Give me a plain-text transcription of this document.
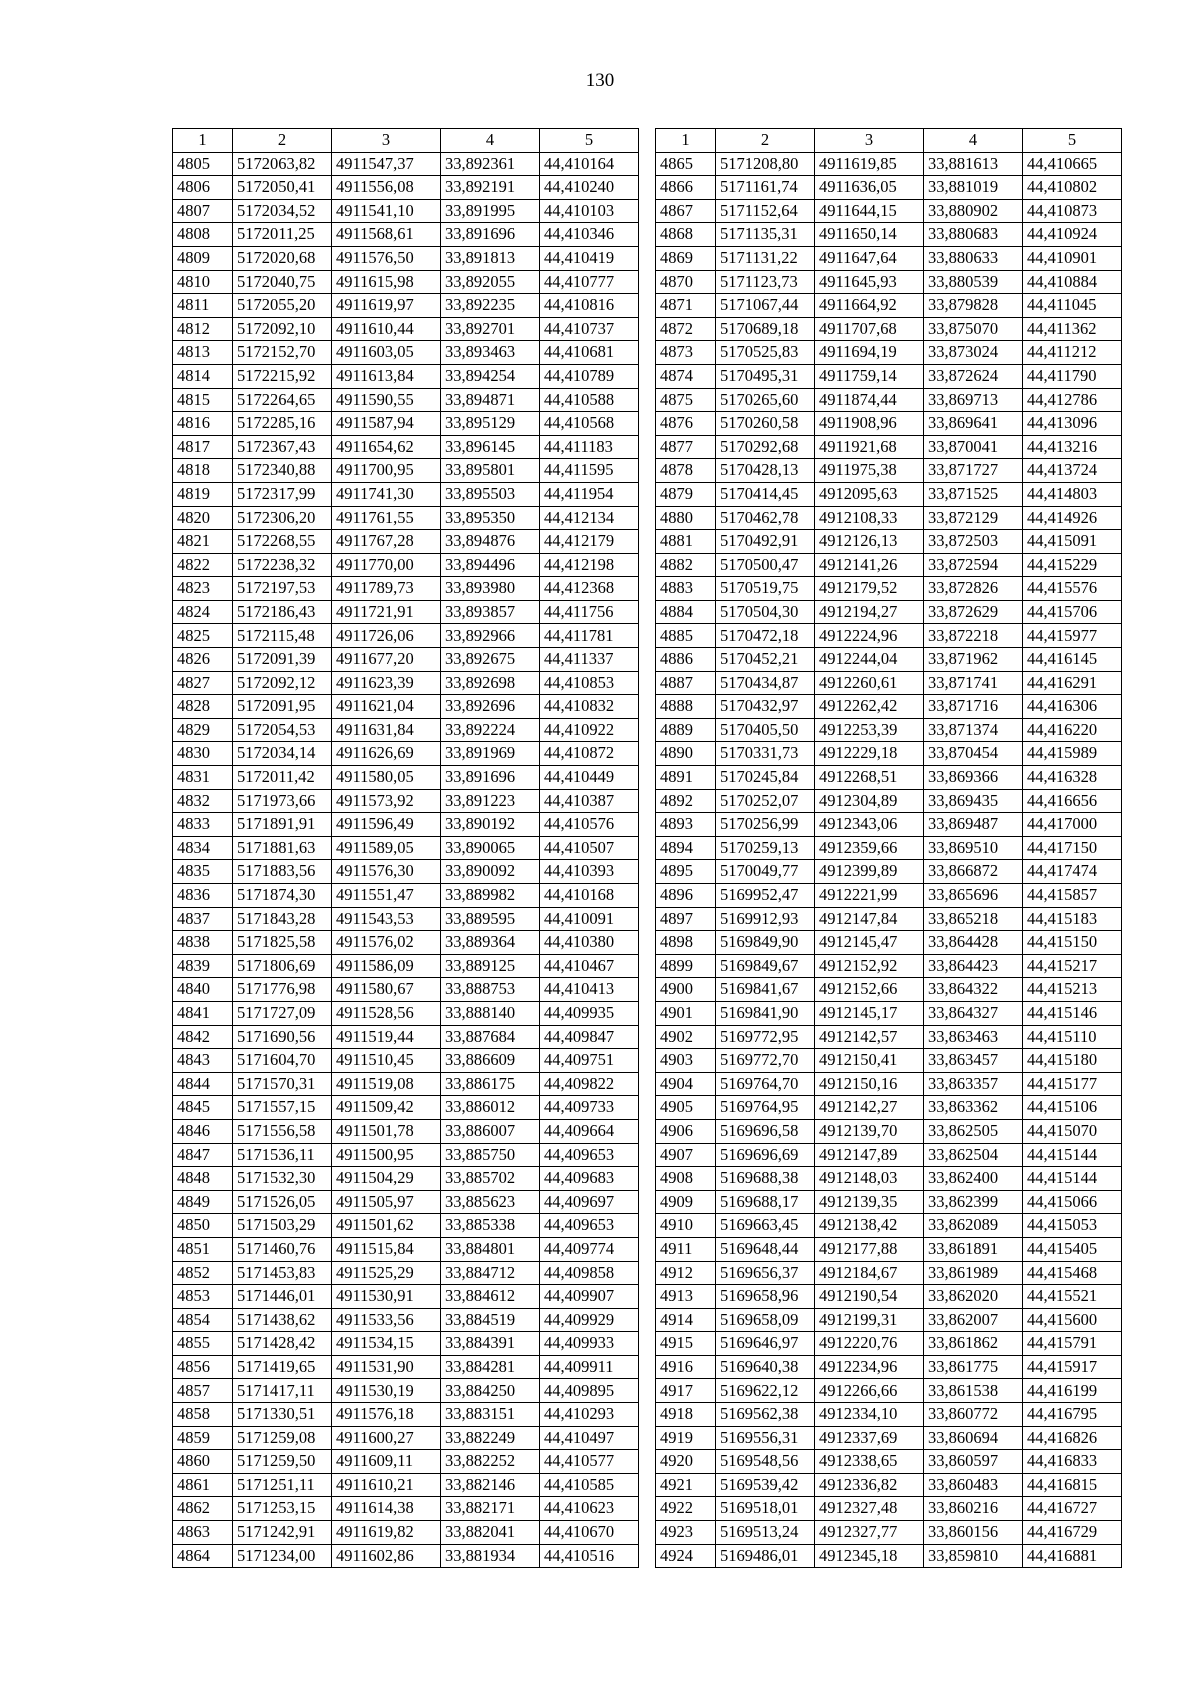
130
1	2	3	4	5
4805	5172063,82	4911547,37	33,892361	44,410164
4806	5172050,41	4911556,08	33,892191	44,410240
4807	5172034,52	4911541,10	33,891995	44,410103
4808	5172011,25	4911568,61	33,891696	44,410346
4809	5172020,68	4911576,50	33,891813	44,410419
4810	5172040,75	4911615,98	33,892055	44,410777
4811	5172055,20	4911619,97	33,892235	44,410816
4812	5172092,10	4911610,44	33,892701	44,410737
4813	5172152,70	4911603,05	33,893463	44,410681
4814	5172215,92	4911613,84	33,894254	44,410789
4815	5172264,65	4911590,55	33,894871	44,410588
4816	5172285,16	4911587,94	33,895129	44,410568
4817	5172367,43	4911654,62	33,896145	44,411183
4818	5172340,88	4911700,95	33,895801	44,411595
4819	5172317,99	4911741,30	33,895503	44,411954
4820	5172306,20	4911761,55	33,895350	44,412134
4821	5172268,55	4911767,28	33,894876	44,412179
4822	5172238,32	4911770,00	33,894496	44,412198
4823	5172197,53	4911789,73	33,893980	44,412368
4824	5172186,43	4911721,91	33,893857	44,411756
4825	5172115,48	4911726,06	33,892966	44,411781
4826	5172091,39	4911677,20	33,892675	44,411337
4827	5172092,12	4911623,39	33,892698	44,410853
4828	5172091,95	4911621,04	33,892696	44,410832
4829	5172054,53	4911631,84	33,892224	44,410922
4830	5172034,14	4911626,69	33,891969	44,410872
4831	5172011,42	4911580,05	33,891696	44,410449
4832	5171973,66	4911573,92	33,891223	44,410387
4833	5171891,91	4911596,49	33,890192	44,410576
4834	5171881,63	4911589,05	33,890065	44,410507
4835	5171883,56	4911576,30	33,890092	44,410393
4836	5171874,30	4911551,47	33,889982	44,410168
4837	5171843,28	4911543,53	33,889595	44,410091
4838	5171825,58	4911576,02	33,889364	44,410380
4839	5171806,69	4911586,09	33,889125	44,410467
4840	5171776,98	4911580,67	33,888753	44,410413
4841	5171727,09	4911528,56	33,888140	44,409935
4842	5171690,56	4911519,44	33,887684	44,409847
4843	5171604,70	4911510,45	33,886609	44,409751
4844	5171570,31	4911519,08	33,886175	44,409822
4845	5171557,15	4911509,42	33,886012	44,409733
4846	5171556,58	4911501,78	33,886007	44,409664
4847	5171536,11	4911500,95	33,885750	44,409653
4848	5171532,30	4911504,29	33,885702	44,409683
4849	5171526,05	4911505,97	33,885623	44,409697
4850	5171503,29	4911501,62	33,885338	44,409653
4851	5171460,76	4911515,84	33,884801	44,409774
4852	5171453,83	4911525,29	33,884712	44,409858
4853	5171446,01	4911530,91	33,884612	44,409907
4854	5171438,62	4911533,56	33,884519	44,409929
4855	5171428,42	4911534,15	33,884391	44,409933
4856	5171419,65	4911531,90	33,884281	44,409911
4857	5171417,11	4911530,19	33,884250	44,409895
4858	5171330,51	4911576,18	33,883151	44,410293
4859	5171259,08	4911600,27	33,882249	44,410497
4860	5171259,50	4911609,11	33,882252	44,410577
4861	5171251,11	4911610,21	33,882146	44,410585
4862	5171253,15	4911614,38	33,882171	44,410623
4863	5171242,91	4911619,82	33,882041	44,410670
4864	5171234,00	4911602,86	33,881934	44,410516
1	2	3	4	5
4865	5171208,80	4911619,85	33,881613	44,410665
4866	5171161,74	4911636,05	33,881019	44,410802
4867	5171152,64	4911644,15	33,880902	44,410873
4868	5171135,31	4911650,14	33,880683	44,410924
4869	5171131,22	4911647,64	33,880633	44,410901
4870	5171123,73	4911645,93	33,880539	44,410884
4871	5171067,44	4911664,92	33,879828	44,411045
4872	5170689,18	4911707,68	33,875070	44,411362
4873	5170525,83	4911694,19	33,873024	44,411212
4874	5170495,31	4911759,14	33,872624	44,411790
4875	5170265,60	4911874,44	33,869713	44,412786
4876	5170260,58	4911908,96	33,869641	44,413096
4877	5170292,68	4911921,68	33,870041	44,413216
4878	5170428,13	4911975,38	33,871727	44,413724
4879	5170414,45	4912095,63	33,871525	44,414803
4880	5170462,78	4912108,33	33,872129	44,414926
4881	5170492,91	4912126,13	33,872503	44,415091
4882	5170500,47	4912141,26	33,872594	44,415229
4883	5170519,75	4912179,52	33,872826	44,415576
4884	5170504,30	4912194,27	33,872629	44,415706
4885	5170472,18	4912224,96	33,872218	44,415977
4886	5170452,21	4912244,04	33,871962	44,416145
4887	5170434,87	4912260,61	33,871741	44,416291
4888	5170432,97	4912262,42	33,871716	44,416306
4889	5170405,50	4912253,39	33,871374	44,416220
4890	5170331,73	4912229,18	33,870454	44,415989
4891	5170245,84	4912268,51	33,869366	44,416328
4892	5170252,07	4912304,89	33,869435	44,416656
4893	5170256,99	4912343,06	33,869487	44,417000
4894	5170259,13	4912359,66	33,869510	44,417150
4895	5170049,77	4912399,89	33,866872	44,417474
4896	5169952,47	4912221,99	33,865696	44,415857
4897	5169912,93	4912147,84	33,865218	44,415183
4898	5169849,90	4912145,47	33,864428	44,415150
4899	5169849,67	4912152,92	33,864423	44,415217
4900	5169841,67	4912152,66	33,864322	44,415213
4901	5169841,90	4912145,17	33,864327	44,415146
4902	5169772,95	4912142,57	33,863463	44,415110
4903	5169772,70	4912150,41	33,863457	44,415180
4904	5169764,70	4912150,16	33,863357	44,415177
4905	5169764,95	4912142,27	33,863362	44,415106
4906	5169696,58	4912139,70	33,862505	44,415070
4907	5169696,69	4912147,89	33,862504	44,415144
4908	5169688,38	4912148,03	33,862400	44,415144
4909	5169688,17	4912139,35	33,862399	44,415066
4910	5169663,45	4912138,42	33,862089	44,415053
4911	5169648,44	4912177,88	33,861891	44,415405
4912	5169656,37	4912184,67	33,861989	44,415468
4913	5169658,96	4912190,54	33,862020	44,415521
4914	5169658,09	4912199,31	33,862007	44,415600
4915	5169646,97	4912220,76	33,861862	44,415791
4916	5169640,38	4912234,96	33,861775	44,415917
4917	5169622,12	4912266,66	33,861538	44,416199
4918	5169562,38	4912334,10	33,860772	44,416795
4919	5169556,31	4912337,69	33,860694	44,416826
4920	5169548,56	4912338,65	33,860597	44,416833
4921	5169539,42	4912336,82	33,860483	44,416815
4922	5169518,01	4912327,48	33,860216	44,416727
4923	5169513,24	4912327,77	33,860156	44,416729
4924	5169486,01	4912345,18	33,859810	44,416881
